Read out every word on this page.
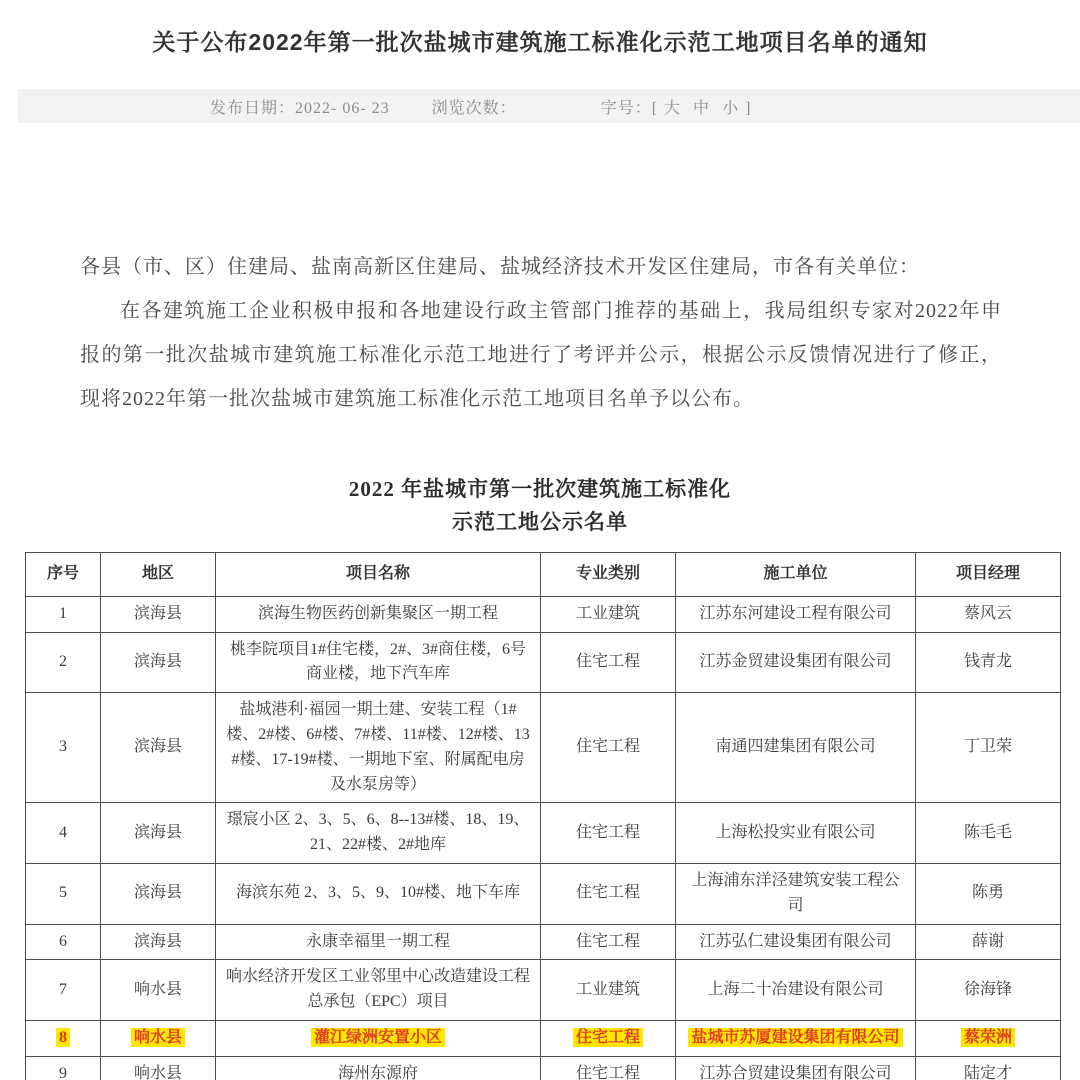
关于公布2022年第一批次盐城市建筑施工标准化示范工地项目名单的通知
发布日期：2022- 06- 23	浏览次数：	字号：[ 大 中 小 ]

各县（市、区）住建局、盐南高新区住建局、盐城经济技术开发区住建局，市各有关单位：

在各建筑施工企业积极申报和各地建设行政主管部门推荐的基础上，我局组织专家对2022年申报的第一批次盐城市建筑施工标准化示范工地进行了考评并公示，根据公示反馈情况进行了修正，现将2022年第一批次盐城市建筑施工标准化示范工地项目名单予以公布。

2022 年盐城市第一批次建筑施工标准化
示范工地公示名单
序号	地区	项目名称	专业类别	施工单位	项目经理
1	滨海县	滨海生物医药创新集聚区一期工程	工业建筑	江苏东河建设工程有限公司	蔡风云
2	滨海县	桃李院项目1#住宅楼，2#、3#商住楼，6号商业楼，地下汽车库	住宅工程	江苏金贸建设集团有限公司	钱青龙
3	滨海县	盐城港利·福园一期土建、安装工程（1#楼、2#楼、6#楼、7#楼、11#楼、12#楼、13#楼、17-19#楼、一期地下室、附属配电房及水泵房等）	住宅工程	南通四建集团有限公司	丁卫荣
4	滨海县	璟宸小区 2、3、5、6、8--13#楼、18、19、21、22#楼、2#地库	住宅工程	上海松投实业有限公司	陈毛毛
5	滨海县	海滨东苑 2、3、5、9、10#楼、地下车库	住宅工程	上海浦东洋泾建筑安装工程公司	陈勇
6	滨海县	永康幸福里一期工程	住宅工程	江苏弘仁建设集团有限公司	薛谢
7	响水县	响水经济开发区工业邻里中心改造建设工程总承包（EPC）项目	工业建筑	上海二十冶建设有限公司	徐海锋
8	响水县	灌江绿洲安置小区	住宅工程	盐城市苏厦建设集团有限公司	蔡荣洲
9	响水县	海州东源府	住宅工程	江苏合贸建设集团有限公司	陆定才
